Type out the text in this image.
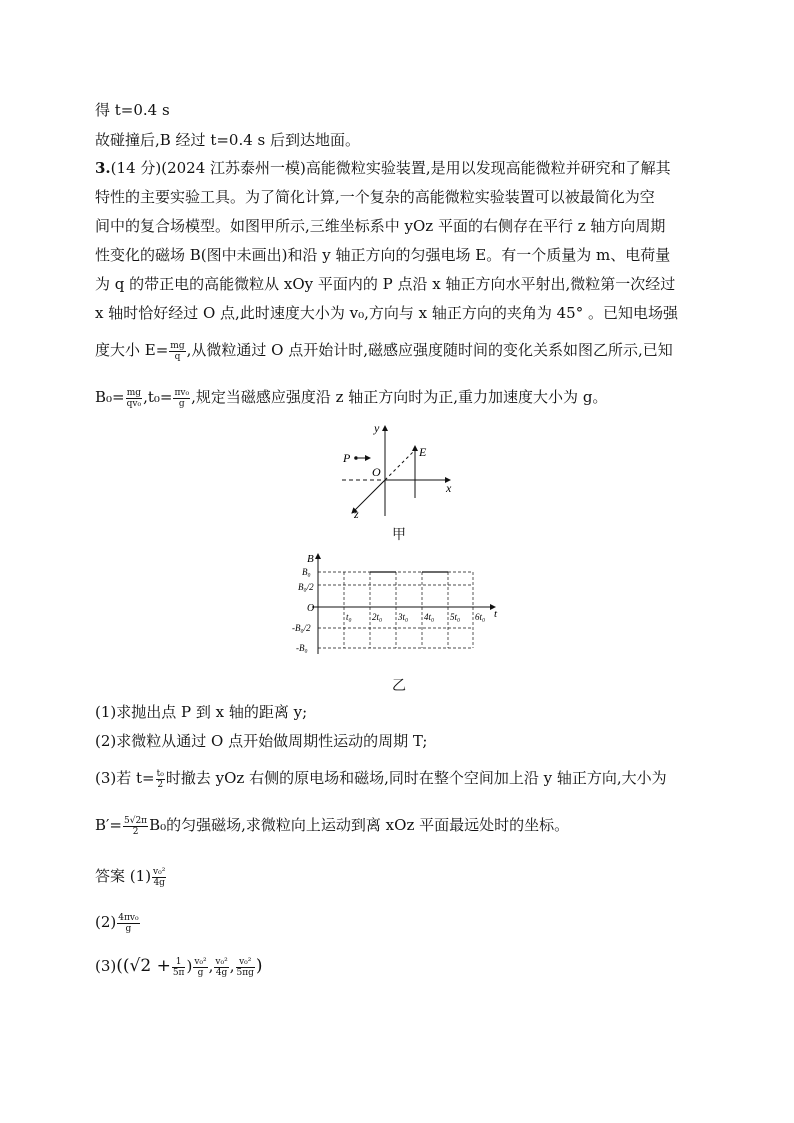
得 t=0.4 s
故碰撞后,B 经过 t=0.4 s 后到达地面。
3.(14 分)(2024 江苏泰州一模)高能微粒实验装置,是用以发现高能微粒并研究和了解其
特性的主要实验工具。为了简化计算,一个复杂的高能微粒实验装置可以被最简化为空
间中的复合场模型。如图甲所示,三维坐标系中 yOz 平面的右侧存在平行 z 轴方向周期
性变化的磁场 B(图中未画出)和沿 y 轴正方向的匀强电场 E。有一个质量为 m、电荷量
为 q 的带正电的高能微粒从 xOy 平面内的 P 点沿 x 轴正方向水平射出,微粒第一次经过
x 轴时恰好经过 O 点,此时速度大小为 v₀,方向与 x 轴正方向的夹角为 45° 。已知电场强
度大小 $E= \frac{mg}{q}$ ,从微粒通过 O 点开始计时,磁感应强度随时间的变化关系如图乙所示,已知
$B_0= \frac{mg}{\text{qv₀}} ,t_0= \frac{\text{πv₀}}{g}$ ,规定当磁感应强度沿 z 轴正方向时为正,重力加速度大小为 g。
y
x
z
E
P
O
甲
B
t
B₀
B₀/2
O
-B₀/2
-B₀
t₀ 2t₀ 3t₀ 4t₀ 5t₀ 6t₀
乙
(1)求抛出点 P 到 x 轴的距离 y;
(2)求微粒从通过 O 点开始做周期性运动的周期 T;
(3)若 $t= \frac{\text{t₀}}{2}$ 时撤去 yOz 右侧的原电场和磁场,同时在整个空间加上沿 y 轴正方向,大小为
$B'= \frac{5√2\pi}{2} B_0$的匀强磁场,求微粒向上运动到离 xOz 平面最远处时的坐标。
答案 $(1) \frac{\text{v₀²}}{4g}$
$(2) \frac{\text{4πv₀}}{g}$
$(3)((√2 + \frac{1}{5\pi}$ ) $\frac{\text{v₀²}}{g}$ , $\frac{\text{v₀²}}{4g}$ , $\frac{\text{v₀²}}{5\pi g}$ )
